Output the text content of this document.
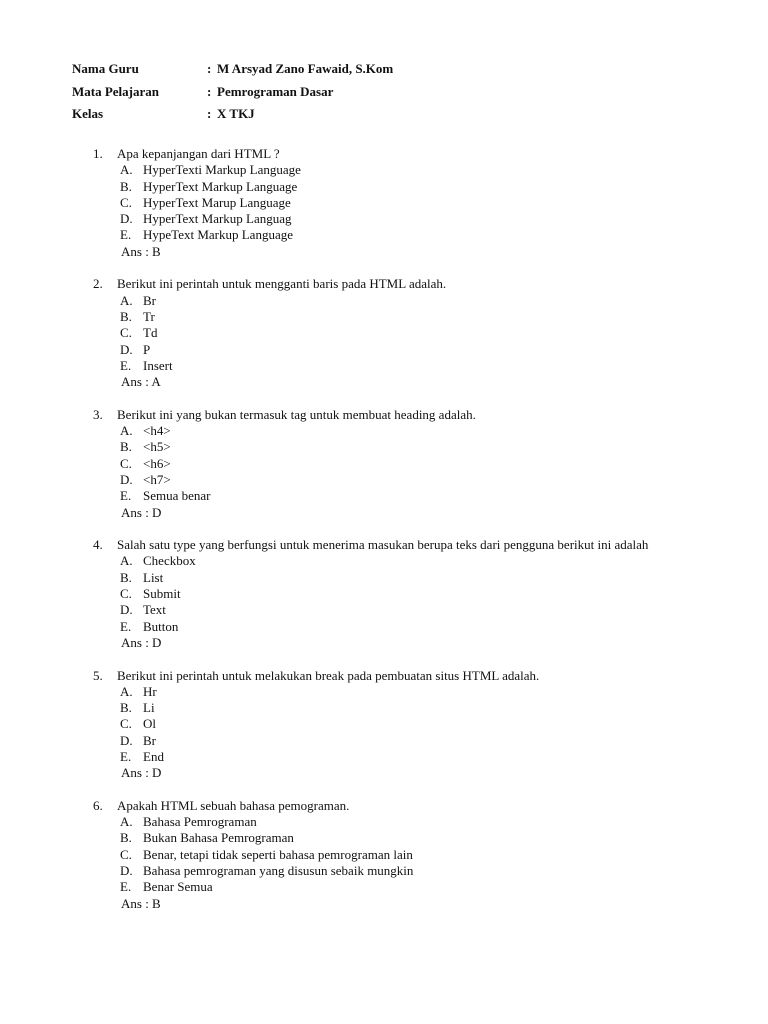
Nama Guru	: M Arsyad Zano Fawaid, S.Kom
Mata Pelajaran	: Pemrograman Dasar
Kelas	: X TKJ
1.	Apa kepanjangan dari HTML ?
A. HyperTexti Markup Language
B. HyperText Markup Language
C. HyperText Marup Language
D. HyperText Markup Languag
E. HypeText Markup Language
Ans : B
2.	Berikut ini perintah untuk mengganti baris pada HTML adalah.
A. Br
B. Tr
C. Td
D. P
E. Insert
Ans : A
3.	Berikut ini yang bukan termasuk tag untuk membuat heading adalah.
A. <h4>
B. <h5>
C. <h6>
D. <h7>
E. Semua benar
Ans : D
4.	Salah satu type yang berfungsi untuk menerima masukan berupa teks dari pengguna berikut ini adalah
A. Checkbox
B. List
C. Submit
D. Text
E. Button
Ans : D
5.	Berikut ini perintah untuk melakukan break pada pembuatan situs HTML adalah.
A. Hr
B. Li
C. Ol
D. Br
E. End
Ans : D
6.	Apakah HTML sebuah bahasa pemograman.
A. Bahasa Pemrograman
B. Bukan Bahasa Pemrograman
C. Benar, tetapi tidak seperti bahasa pemrograman lain
D. Bahasa pemrograman yang disusun sebaik mungkin
E. Benar Semua
Ans : B
